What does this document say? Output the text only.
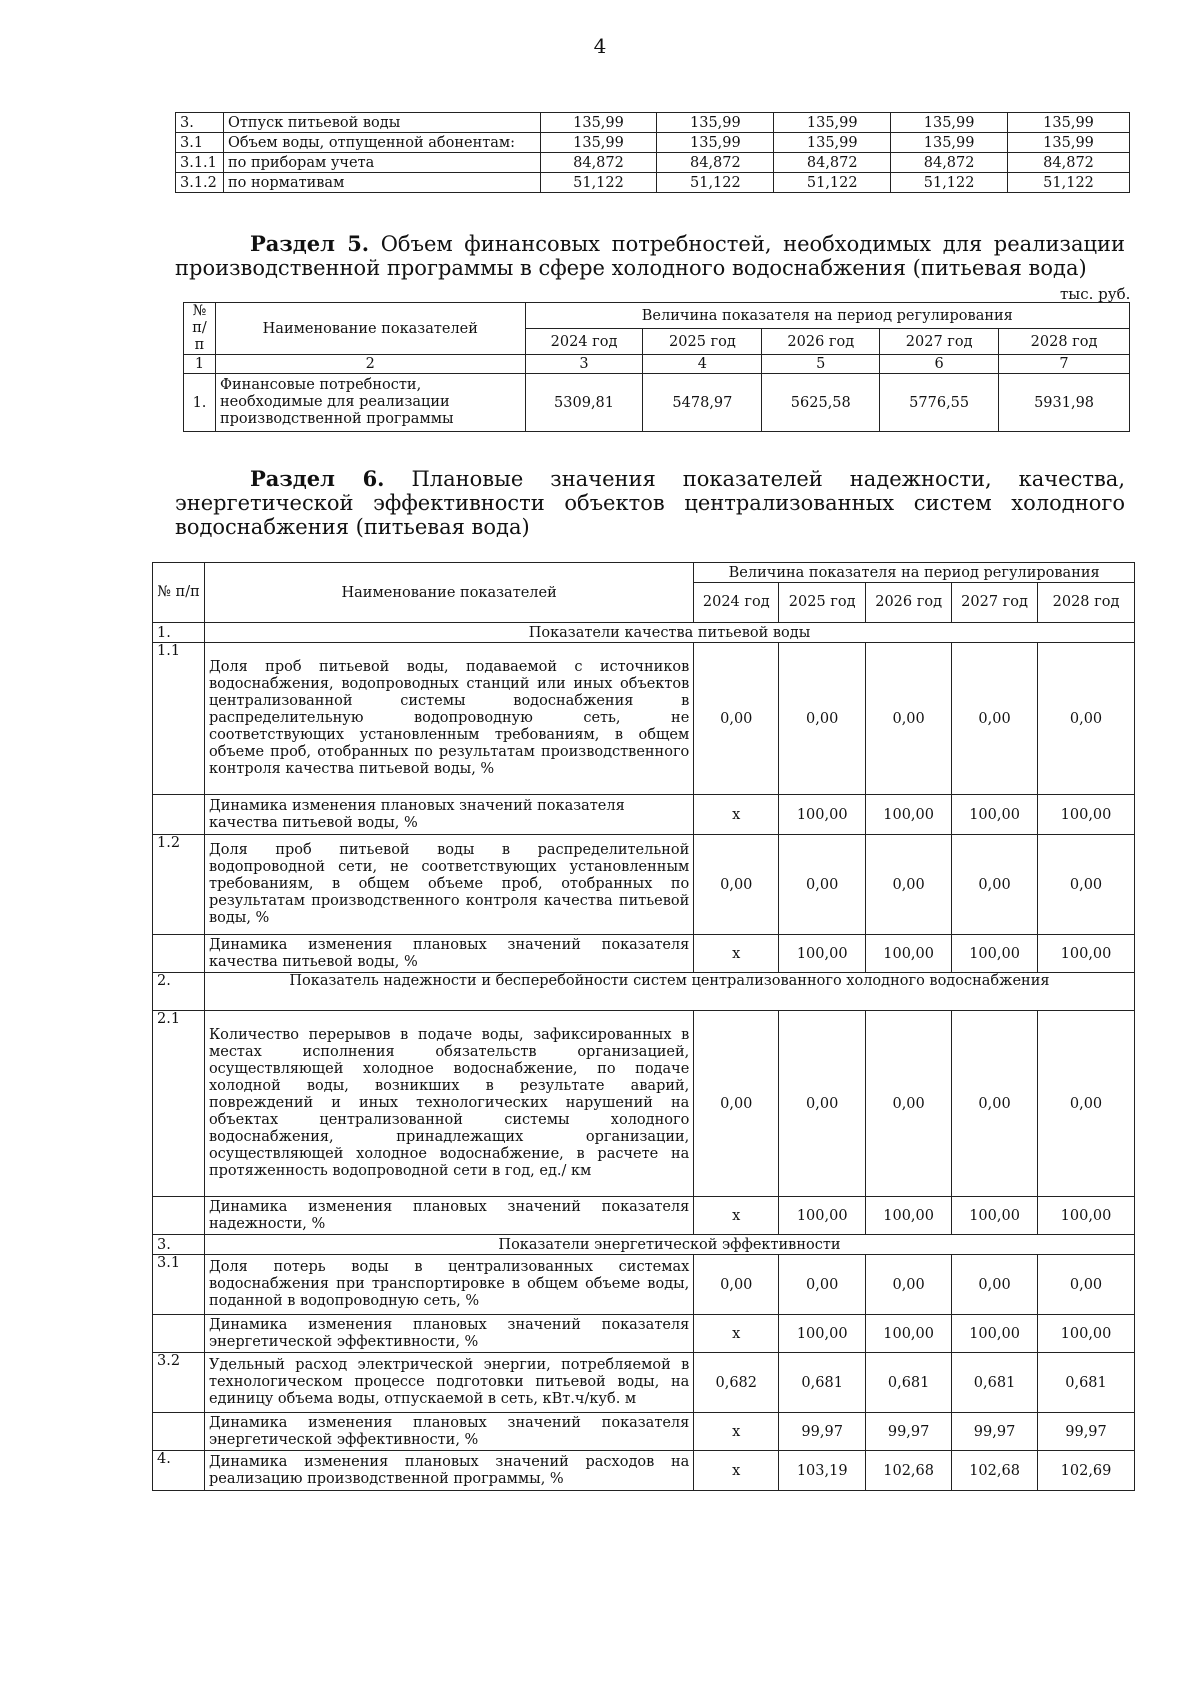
4
3.	Отпуск питьевой воды	135,99	135,99	135,99	135,99	135,99
3.1	Объем воды, отпущенной абонентам:	135,99	135,99	135,99	135,99	135,99
3.1.1	по приборам учета	84,872	84,872	84,872	84,872	84,872
3.1.2	по нормативам	51,122	51,122	51,122	51,122	51,122
Раздел 5. Объем финансовых потребностей, необходимых для реализации производственной программы в сфере холодного водоснабжения (питьевая вода)
тыс. руб.
№ п/п	Наименование показателей	Величина показателя на период регулирования				
		2024 год	2025 год	2026 год	2027 год	2028 год
1	2	3	4	5	6	7
1.	Финансовые потребности,
необходимые для реализации
производственной программы	5309,81	5478,97	5625,58	5776,55	5931,98
Раздел 6. Плановые значения показателей надежности, качества, энергетической эффективности объектов централизованных систем холодного водоснабжения (питьевая вода)
№ п/п	Наименование показателей	Величина показателя на период регулирования				
		2024 год	2025 год	2026 год	2027 год	2028 год
1.	Показатели качества питьевой воды					
1.1	Доля проб питьевой воды, подаваемой с источников водоснабжения, водопроводных станций или иных объектов централизованной системы водоснабжения в распределительную водопроводную сеть, не соответствующих установленным требованиям, в общем объеме проб, отобранных по результатам производственного контроля качества питьевой воды, %	0,00	0,00	0,00	0,00	0,00
	Динамика изменения плановых значений показателя качества питьевой воды, %	х	100,00	100,00	100,00	100,00
1.2	Доля проб питьевой воды в распределительной водопроводной сети, не соответствующих установленным требованиям, в общем объеме проб, отобранных по результатам производственного контроля качества питьевой воды, %	0,00	0,00	0,00	0,00	0,00
	Динамика изменения плановых значений показателя качества питьевой воды, %	х	100,00	100,00	100,00	100,00
2.	Показатель надежности и бесперебойности систем централизованного холодного водоснабжения					
2.1	Количество перерывов в подаче воды, зафиксированных в местах исполнения обязательств организацией, осуществляющей холодное водоснабжение, по подаче холодной воды, возникших в результате аварий, повреждений и иных технологических нарушений на объектах централизованной системы холодного водоснабжения, принадлежащих организации, осуществляющей холодное водоснабжение, в расчете на протяженность водопроводной сети в год, ед./ км	0,00	0,00	0,00	0,00	0,00
	Динамика изменения плановых значений показателя надежности, %	х	100,00	100,00	100,00	100,00
3.	Показатели энергетической эффективности					
3.1	Доля потерь воды в централизованных системах водоснабжения при транспортировке в общем объеме воды, поданной в водопроводную сеть, %	0,00	0,00	0,00	0,00	0,00
	Динамика изменения плановых значений показателя энергетической эффективности, %	х	100,00	100,00	100,00	100,00
3.2	Удельный расход электрической энергии, потребляемой в технологическом процессе подготовки питьевой воды, на единицу объема воды, отпускаемой в сеть, кВт.ч/куб. м	0,682	0,681	0,681	0,681	0,681
	Динамика изменения плановых значений показателя энергетической эффективности, %	х	99,97	99,97	99,97	99,97
4.	Динамика изменения плановых значений расходов на реализацию производственной программы, %	х	103,19	102,68	102,68	102,69
